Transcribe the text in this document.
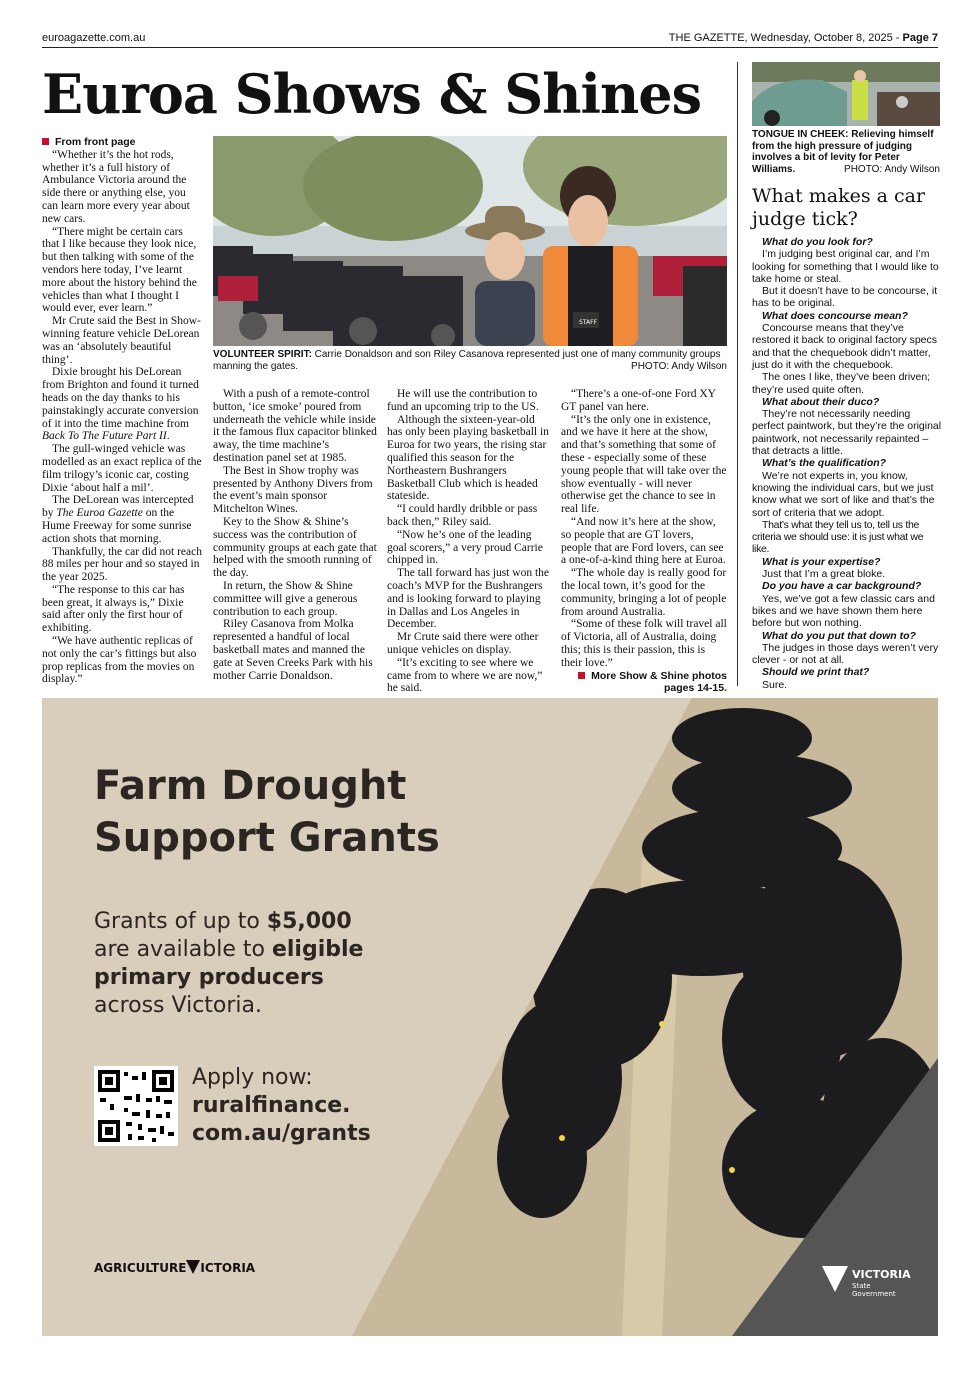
euroagazette.com.au	THE GAZETTE, Wednesday, October 8, 2025 - Page 7
Euroa Shows & Shines
STAFF
VOLUNTEER SPIRIT: Carrie Donaldson and son Riley Casanova represented just one of many community groups manning the gates.	PHOTO: Andy Wilson
From front page

“Whether it’s the hot rods, whether it’s a full history of Ambulance Victoria around the side there or anything else, you can learn more every year about new cars.

“There might be certain cars that I like because they look nice, but then talking with some of the vendors here today, I’ve learnt more about the history behind the vehicles than what I thought I would ever, ever learn.”

Mr Crute said the Best in Show-winning feature vehicle DeLorean was an ‘absolutely beautiful thing’.

Dixie brought his DeLorean from Brighton and found it turned heads on the day thanks to his painstakingly accurate conversion of it into the time machine from Back To The Future Part II.

The gull-winged vehicle was modelled as an exact replica of the film trilogy’s iconic car, costing Dixie ‘about half a mil’.

The DeLorean was intercepted by The Euroa Gazette on the Hume Freeway for some sunrise action shots that morning.

Thankfully, the car did not reach 88 miles per hour and so stayed in the year 2025.

“The response to this car has been great, it always is,” Dixie said after only the first hour of exhibiting.

“We have authentic replicas of not only the car’s fittings but also prop replicas from the movies on display.”

With a push of a remote-control button, ‘ice smoke’ poured from underneath the vehicle while inside it the famous flux capacitor blinked away, the time machine’s destination panel set at 1985.

The Best in Show trophy was presented by Anthony Divers from the event’s main sponsor Mitchelton Wines.

Key to the Show & Shine’s success was the contribution of community groups at each gate that helped with the smooth running of the day.

In return, the Show & Shine committee will give a generous contribution to each group.

Riley Casanova from Molka represented a handful of local basketball mates and manned the gate at Seven Creeks Park with his mother Carrie Donaldson.

He will use the contribution to fund an upcoming trip to the US.

Although the sixteen-year-old has only been playing basketball in Euroa for two years, the rising star qualified this season for the Northeastern Bushrangers Basketball Club which is headed stateside.

“I could hardly dribble or pass back then,” Riley said.

“Now he’s one of the leading goal scorers,” a very proud Carrie chipped in.

The tall forward has just won the coach’s MVP for the Bushrangers and is looking forward to playing in Dallas and Los Angeles in December.

Mr Crute said there were other unique vehicles on display.

“It’s exciting to see where we came from to where we are now,” he said.

“There’s a one-of-one Ford XY GT panel van here.

“It’s the only one in existence, and we have it here at the show, and that’s something that some of these - especially some of these young people that will take over the show eventually - will never otherwise get the chance to see in real life.

“And now it’s here at the show, so people that are GT lovers, people that are Ford lovers, can see a one-of-a-kind thing here at Euroa.

“The whole day is really good for the local town, it’s good for the community, bringing a lot of people from around Australia.

“Some of these folk will travel all of Victoria, all of Australia, doing this; this is their passion, this is their love.”

More Show & Shine photos
pages 14-15.
TONGUE IN CHEEK: Relieving himself from the high pressure of judging involves a bit of levity for Peter Williams.	PHOTO: Andy Wilson
What makes a car judge tick?

What do you look for?

I’m judging best original car, and I’m looking for something that I would like to take home or steal.

But it doesn’t have to be concourse, it has to be original.

What does concourse mean?

Concourse means that they’ve restored it back to original factory specs and that the chequebook didn’t matter, just do it with the chequebook.

The ones I like, they’ve been driven; they’re used quite often.

What about their duco?

They’re not necessarily needing perfect paintwork, but they’re the original paintwork, not necessarily repainted – that detracts a little.

What’s the qualification?

We’re not experts in, you know, knowing the individual cars, but we just know what we sort of like and that’s the sort of criteria that we adopt.

That’s what they tell us to, tell us the criteria we should use: it is just what we like.

What is your expertise?

Just that I’m a great bloke.

Do you have a car background?

Yes, we’ve got a few classic cars and bikes and we have shown them here before but won nothing.

What do you put that down to?

The judges in those days weren’t very clever - or not at all.

Should we print that?

Sure.

Farm Drought
Support Grants
Grants of up to $5,000
are available to eligible
primary producers
across Victoria.
Apply now:
ruralfinance.
com.au/grants
AGRICULTURE ICTORIA	VICTORIA
State
Government
